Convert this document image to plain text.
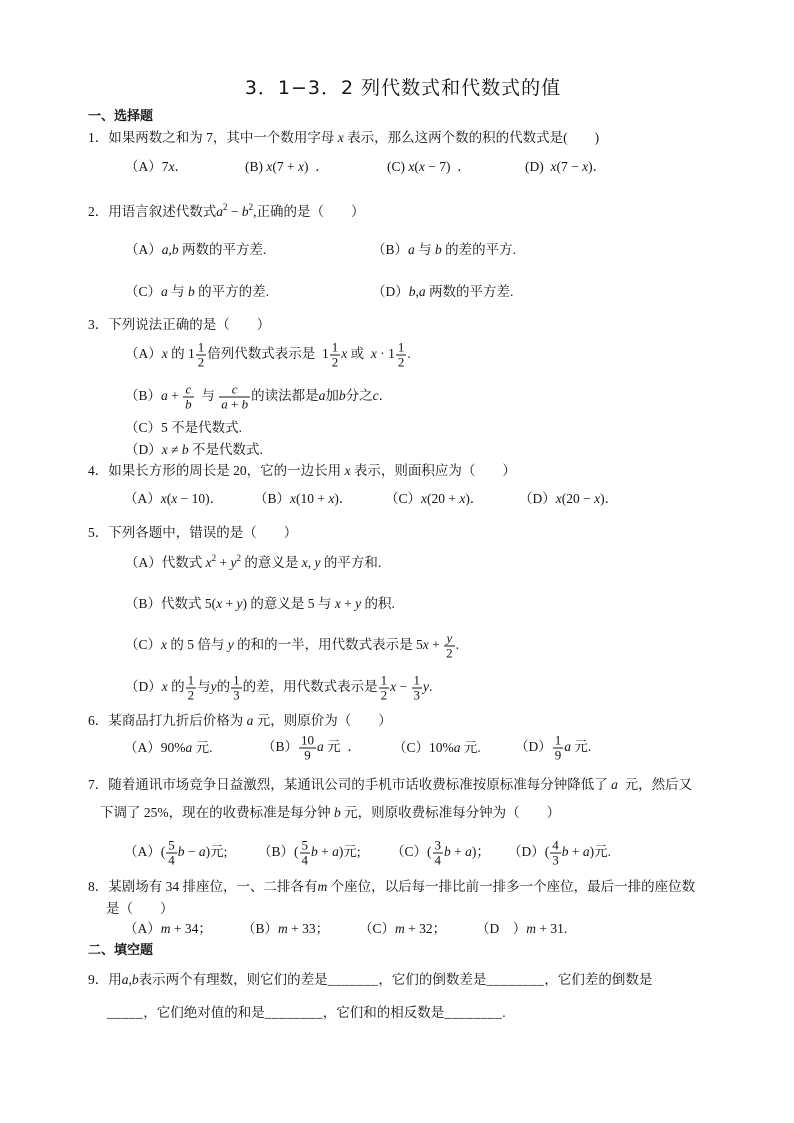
3．1−3．2 列代数式和代数式的值
一、选择题
1．如果两数之和为 7，其中一个数用字母 x 表示，那么这两个数的积的代数式是(　　)
（A）7x．	(B) x(7 + x)  ．	(C) x(x − 7)  ．	(D)  x(7 − x)．
2．用语言叙述代数式$a^2 - b^2$,正确的是（　　）
（A）a,b 两数的平方差.	（B）a 与 b 的差的平方.
（C）a 与 b 的平方的差.	（D）b,a 两数的平方差.
3．下列说法正确的是（　　）
（A）x 的 $1 \frac{1}{2}$ 倍列代数式表示是  $1 \frac{1}{2}$ x 或  $x \cdot 1 \frac{1}{2}$ .
$(B)a + \frac{c}{b}$ 与 $\frac{c}{a + b}$ 的读法都是a加b分之c．
（C）5 不是代数式.
（D）x ≠ b 不是代数式.
4．如果长方形的周长是 20，它的一边长用 x 表示，则面积应为（　　）
（A）x(x − 10)． （B）x(10 + x)． （C）x(20 + x)．	（D）x(20 − x)．
5．下列各题中，错误的是（　　）
（A）代数式 $x^2 + y^2$ 的意义是 x, y 的平方和.
（B）代数式 5(x + y) 的意义是 5 与 x + y 的积.
（C）x 的 5 倍与 y 的和的一半，用代数式表示是 $5x + \frac{y}{2}$ .
（D）x 的 $\frac{1}{2}$ 与y的 $\frac{1}{3}$ 的差，用代数式表示是 $\frac{1}{2}$ $x - \frac{1}{3} y$.
6．某商品打九折后价格为 a 元，则原价为（　　）
（A）90%a 元.	$(B) \frac{10}{9}$ a 元  ． （C）10%a 元.	$(D) \frac{1}{9}$ a 元.
7．随着通讯市场竞争日益激烈，某通讯公司的手机市话收费标准按原标准每分钟降低了 a  元，然后又
下调了 25%，现在的收费标准是每分钟 b 元，则原收费标准每分钟为（　　）
$(A)( \frac{5}{4}$ b − a)元; $(B)( \frac{5}{4}$ b + a)元; $(C)( \frac{3}{4}$ b + a)； $(D)( \frac{4}{3}$ b + a)元.
8．某剧场有 34 排座位，一、二排各有m 个座位，以后每一排比前一排多一个座位，最后一排的座位数
是（　　）
（A）m + 34； （B）m + 33； （C）m + 32； （D　）m + 31.
二、填空题
9．用a,b表示两个有理数，则它们的差是_______，它们的倒数差是________，它们差的倒数是
_____，它们绝对值的和是________，它们和的相反数是________.
